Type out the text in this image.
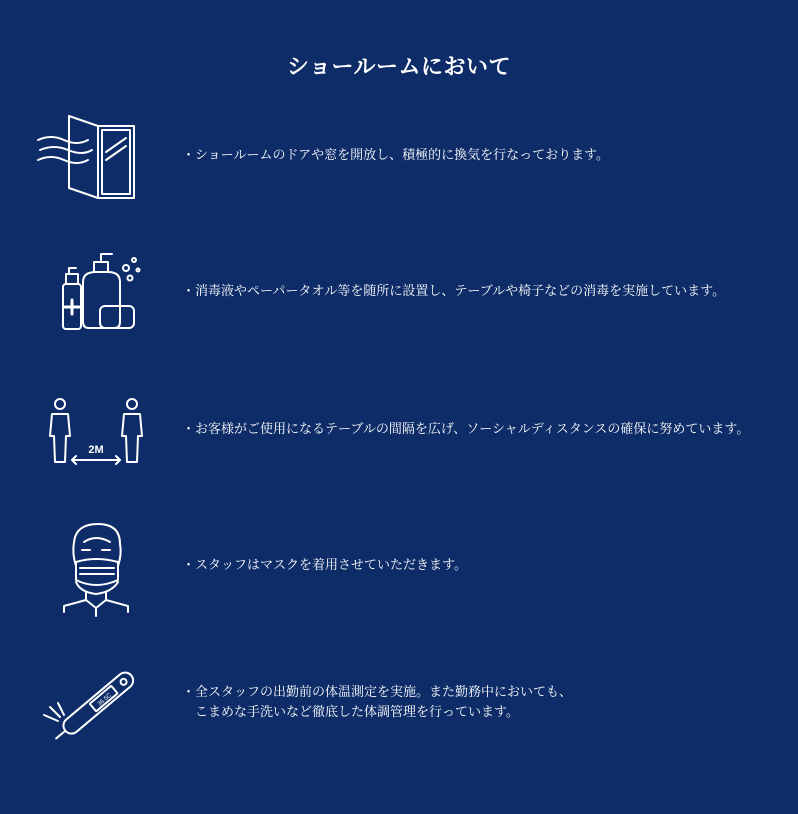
ショールームにおいて
・ショールームのドアや窓を開放し、積極的に換気を行なっております。
・消毒液やペーパータオル等を随所に設置し、テーブルや椅子などの消毒を実施しています。
2M
・お客様がご使用になるテーブルの間隔を広げ、ソーシャルディスタンスの確保に努めています。
・スタッフはマスクを着用させていただきます。
36.5C
・全スタッフの出勤前の体温測定を実施。また勤務中においても、
　こまめな手洗いなど徹底した体調管理を行っています。
